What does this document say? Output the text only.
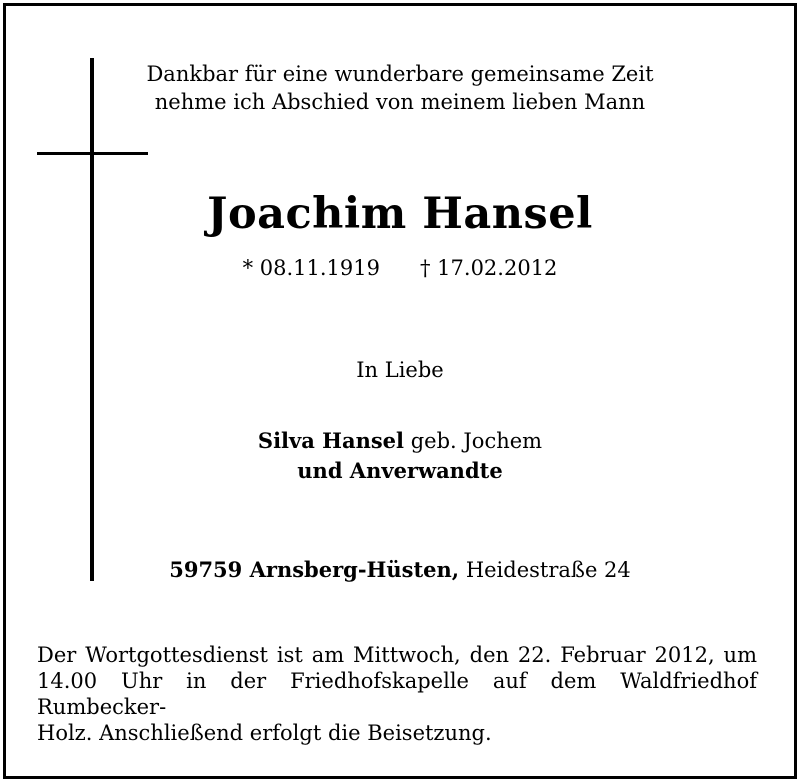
Dankbar für eine wunderbare gemeinsame Zeit
nehme ich Abschied von meinem lieben Mann
Joachim Hansel
* 08.11.1919 † 17.02.2012
In Liebe
Silva Hansel geb. Jochem
und Anverwandte
59759 Arnsberg-Hüsten, Heidestraße 24
Der Wortgottesdienst ist am Mittwoch, den 22. Februar 2012, um
14.00 Uhr in der Friedhofskapelle auf dem Waldfriedhof Rumbecker-
Holz. Anschließend erfolgt die Beisetzung.
